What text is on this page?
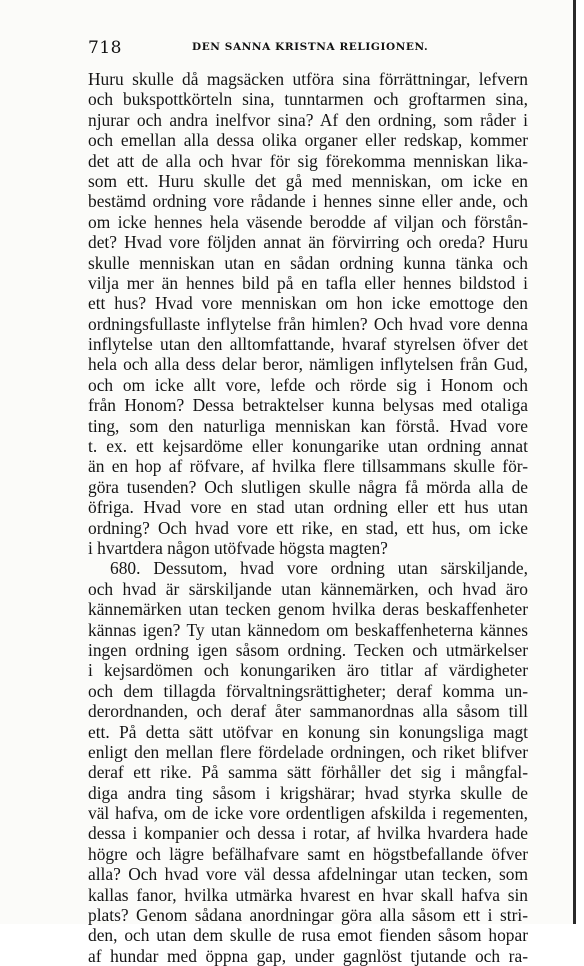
718	DEN SANNA KRISTNA RELIGIONEN.
Huru skulle då magsäcken utföra sina förrättningar, lefvern
och bukspottkörteln sina, tunntarmen och groftarmen sina,
njurar och andra inelfvor sina? Af den ordning, som råder i
och emellan alla dessa olika organer eller redskap, kommer
det att de alla och hvar för sig förekomma menniskan lika-
som ett. Huru skulle det gå med menniskan, om icke en
bestämd ordning vore rådande i hennes sinne eller ande, och
om icke hennes hela väsende berodde af viljan och förstån-
det? Hvad vore följden annat än förvirring och oreda? Huru
skulle menniskan utan en sådan ordning kunna tänka och
vilja mer än hennes bild på en tafla eller hennes bildstod i
ett hus? Hvad vore menniskan om hon icke emottoge den
ordningsfullaste inflytelse från himlen? Och hvad vore denna
inflytelse utan den alltomfattande, hvaraf styrelsen öfver det
hela och alla dess delar beror, nämligen inflytelsen från Gud,
och om icke allt vore, lefde och rörde sig i Honom och
från Honom? Dessa betraktelser kunna belysas med otaliga
ting, som den naturliga menniskan kan förstå. Hvad vore
t. ex. ett kejsardöme eller konungarike utan ordning annat
än en hop af röfvare, af hvilka flere tillsammans skulle för-
göra tusenden? Och slutligen skulle några få mörda alla de
öfriga. Hvad vore en stad utan ordning eller ett hus utan
ordning? Och hvad vore ett rike, en stad, ett hus, om icke
i hvartdera någon utöfvade högsta magten?
680. Dessutom, hvad vore ordning utan särskiljande,
och hvad är särskiljande utan kännemärken, och hvad äro
kännemärken utan tecken genom hvilka deras beskaffenheter
kännas igen? Ty utan kännedom om beskaffenheterna kännes
ingen ordning igen såsom ordning. Tecken och utmärkelser
i kejsardömen och konungariken äro titlar af värdigheter
och dem tillagda förvaltningsrättigheter; deraf komma un-
derordnanden, och deraf åter sammanordnas alla såsom till
ett. På detta sätt utöfvar en konung sin konungsliga magt
enligt den mellan flere fördelade ordningen, och riket blifver
deraf ett rike. På samma sätt förhåller det sig i mångfal-
diga andra ting såsom i krigshärar; hvad styrka skulle de
väl hafva, om de icke vore ordentligen afskilda i regementen,
dessa i kompanier och dessa i rotar, af hvilka hvardera hade
högre och lägre befälhafvare samt en högstbefallande öfver
alla? Och hvad vore väl dessa afdelningar utan tecken, som
kallas fanor, hvilka utmärka hvarest en hvar skall hafva sin
plats? Genom sådana anordningar göra alla såsom ett i stri-
den, och utan dem skulle de rusa emot fienden såsom hopar
af hundar med öppna gap, under gagnlöst tjutande och ra-
